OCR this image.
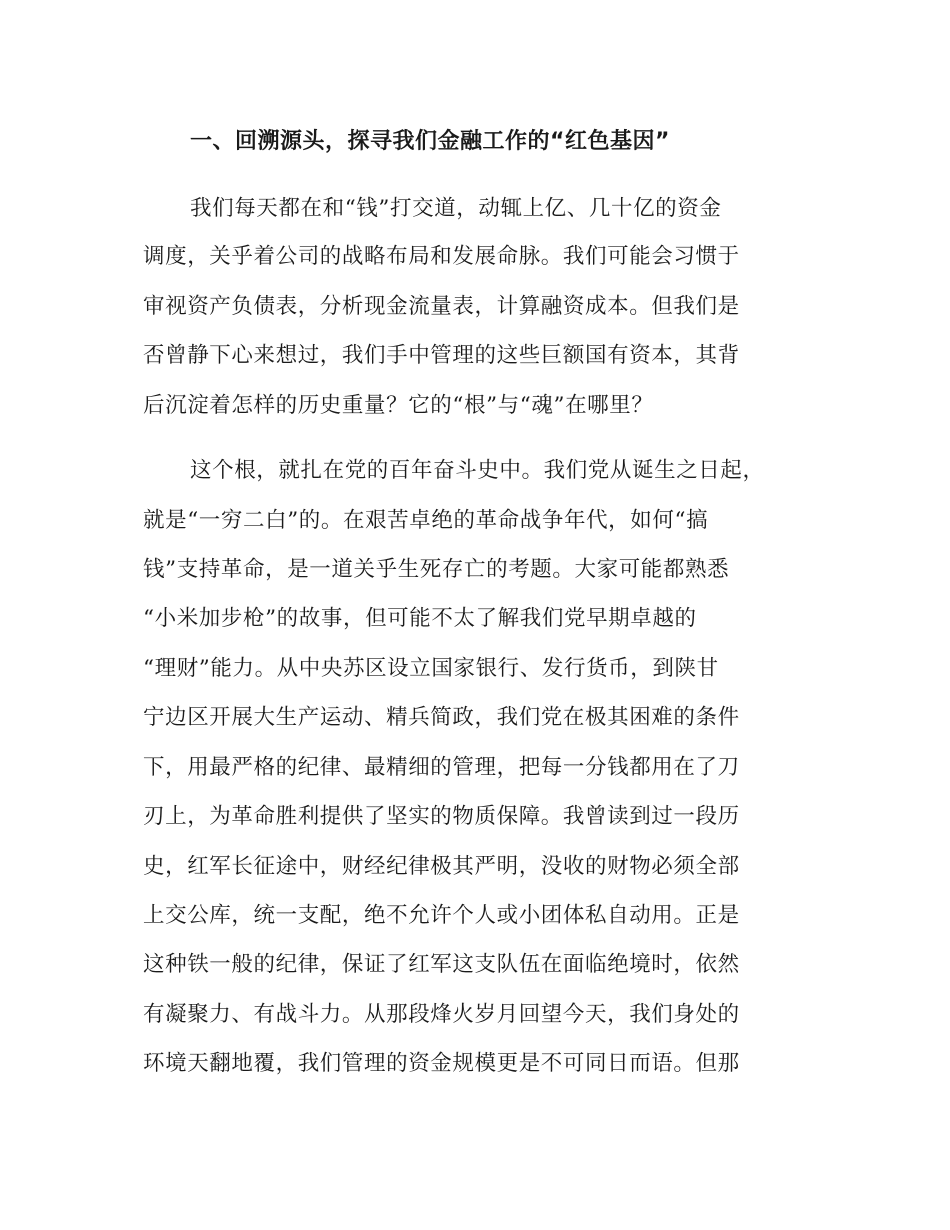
一、回溯源头，探寻我们金融工作的“红色基因”

我们每天都在和“钱”打交道，动辄上亿、几十亿的资金

调度，关乎着公司的战略布局和发展命脉。我们可能会习惯于

审视资产负债表，分析现金流量表，计算融资成本。但我们是

否曾静下心来想过，我们手中管理的这些巨额国有资本，其背

后沉淀着怎样的历史重量？它的“根”与“魂”在哪里？

这个根，就扎在党的百年奋斗史中。我们党从诞生之日起，

就是“一穷二白”的。在艰苦卓绝的革命战争年代，如何“搞

钱”支持革命，是一道关乎生死存亡的考题。大家可能都熟悉

“小米加步枪”的故事，但可能不太了解我们党早期卓越的

“理财”能力。从中央苏区设立国家银行、发行货币，到陕甘

宁边区开展大生产运动、精兵简政，我们党在极其困难的条件

下，用最严格的纪律、最精细的管理，把每一分钱都用在了刀

刃上，为革命胜利提供了坚实的物质保障。我曾读到过一段历

史，红军长征途中，财经纪律极其严明，没收的财物必须全部

上交公库，统一支配，绝不允许个人或小团体私自动用。正是

这种铁一般的纪律，保证了红军这支队伍在面临绝境时，依然

有凝聚力、有战斗力。从那段烽火岁月回望今天，我们身处的

环境天翻地覆，我们管理的资金规模更是不可同日而语。但那
